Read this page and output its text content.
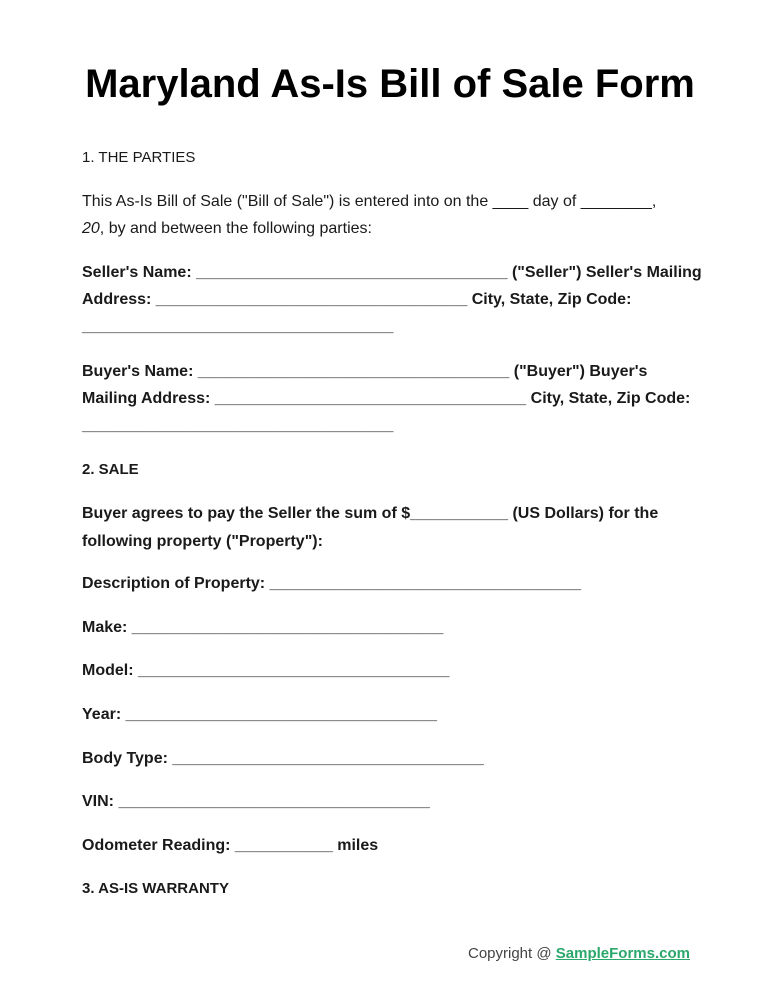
Maryland As-Is Bill of Sale Form

1. THE PARTIES

This As-Is Bill of Sale ("Bill of Sale") is entered into on the ____ day of ________,

20, by and between the following parties:

Seller's Name: ___________________________________ ("Seller") Seller's Mailing

Address: ___________________________________ City, State, Zip Code:

___________________________________

Buyer's Name: ___________________________________ ("Buyer") Buyer's

Mailing Address: ___________________________________ City, State, Zip Code:

___________________________________

2. SALE

Buyer agrees to pay the Seller the sum of $___________ (US Dollars) for the

following property ("Property"):

Description of Property: ___________________________________

Make: ___________________________________

Model: ___________________________________

Year: ___________________________________

Body Type: ___________________________________

VIN: ___________________________________

Odometer Reading: ___________ miles

3. AS-IS WARRANTY

Copyright @ SampleForms.com
